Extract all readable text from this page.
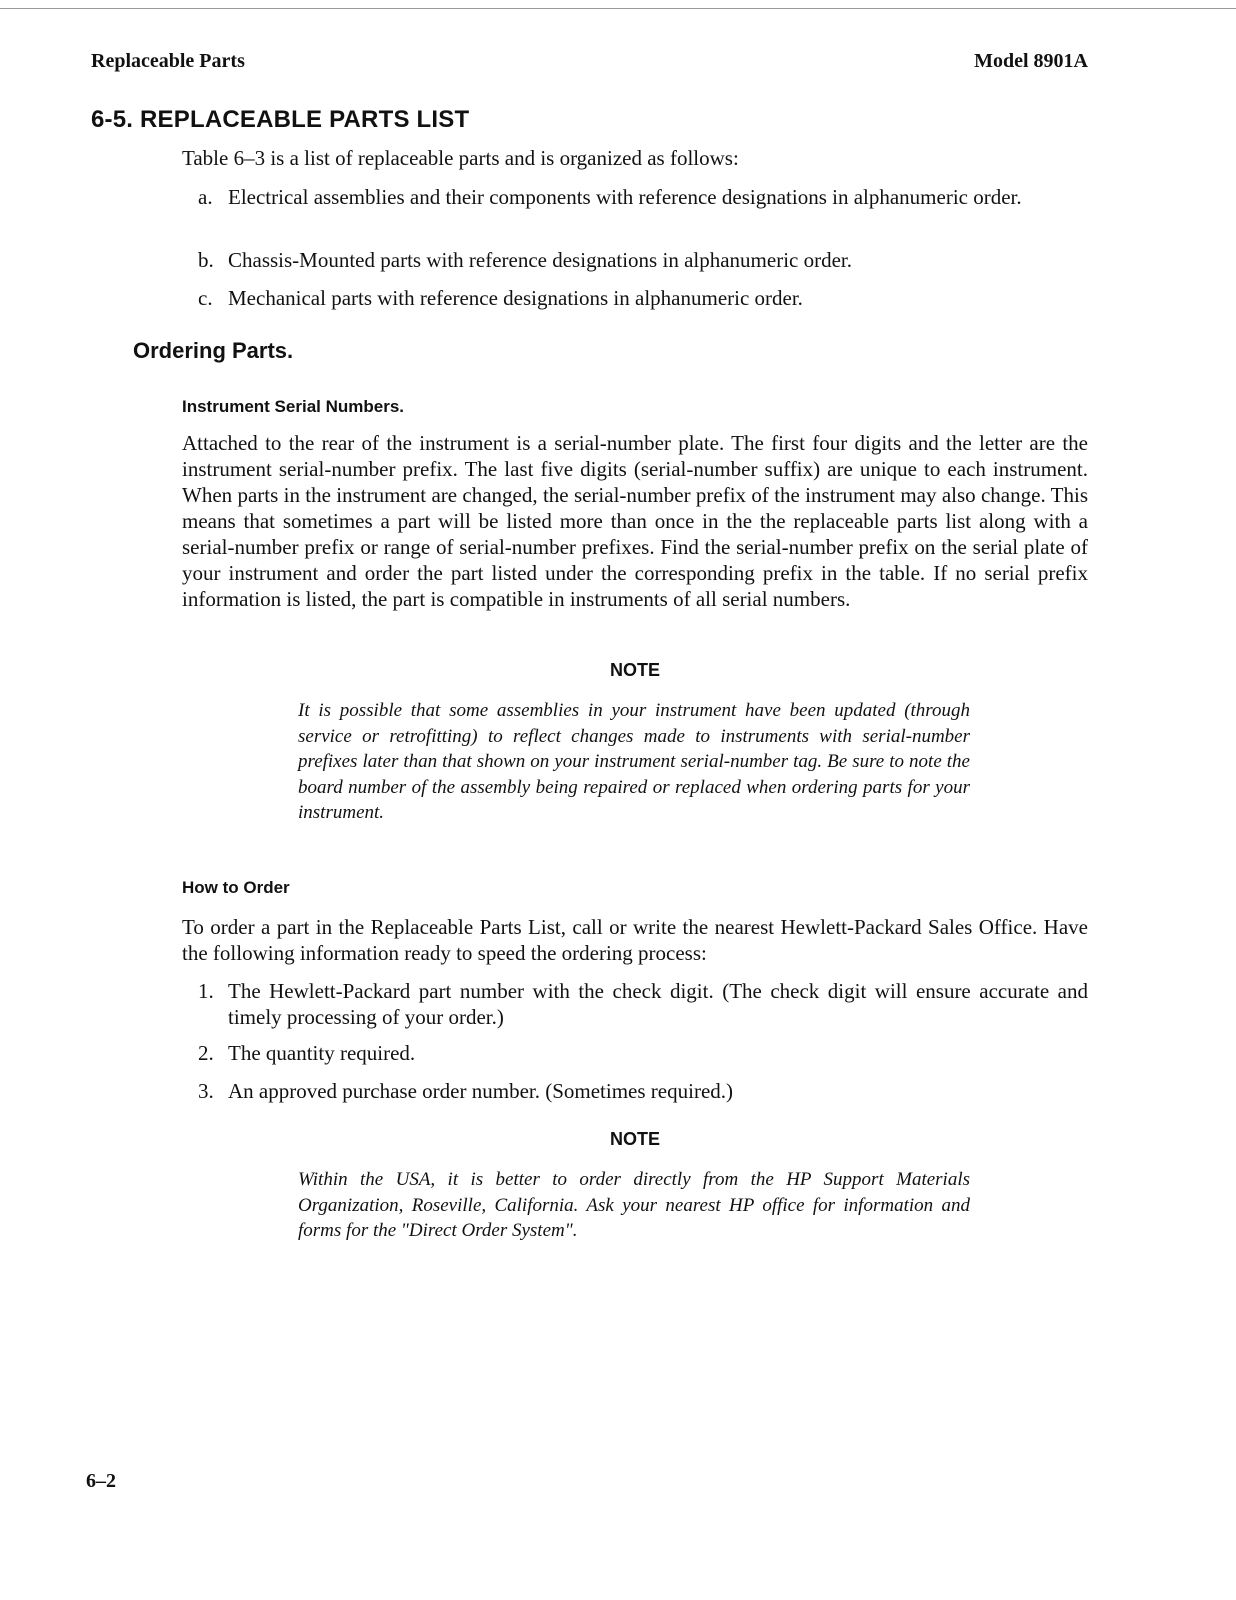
Replaceable Parts	Model 8901A
6-5. REPLACEABLE PARTS LIST

Table 6–3 is a list of replaceable parts and is organized as follows:

a. Electrical assemblies and their components with reference designations in alphanumeric order.
b. Chassis-Mounted parts with reference designations in alphanumeric order.
c. Mechanical parts with reference designations in alphanumeric order.
Ordering Parts.
Instrument Serial Numbers.

Attached to the rear of the instrument is a serial-number plate. The first four digits and the letter are the instrument serial-number prefix. The last five digits (serial-number suffix) are unique to each instrument. When parts in the instrument are changed, the serial-number prefix of the instrument may also change. This means that sometimes a part will be listed more than once in the the replaceable parts list along with a serial-number prefix or range of serial-number prefixes. Find the serial-number prefix on the serial plate of your instrument and order the part listed under the corresponding prefix in the table. If no serial prefix information is listed, the part is compatible in instruments of all serial numbers.

NOTE

It is possible that some assemblies in your instrument have been updated (through service or retrofitting) to reflect changes made to instruments with serial-number prefixes later than that shown on your instrument serial-number tag. Be sure to note the board number of the assembly being repaired or replaced when ordering parts for your instrument.

How to Order

To order a part in the Replaceable Parts List, call or write the nearest Hewlett-Packard Sales Office. Have the following information ready to speed the ordering process:

1. The Hewlett-Packard part number with the check digit. (The check digit will ensure accurate and timely processing of your order.)
2. The quantity required.
3. An approved purchase order number. (Sometimes required.)
NOTE

Within the USA, it is better to order directly from the HP Support Materials Organization, Roseville, California. Ask your nearest HP office for information and forms for the "Direct Order System".

6–2
